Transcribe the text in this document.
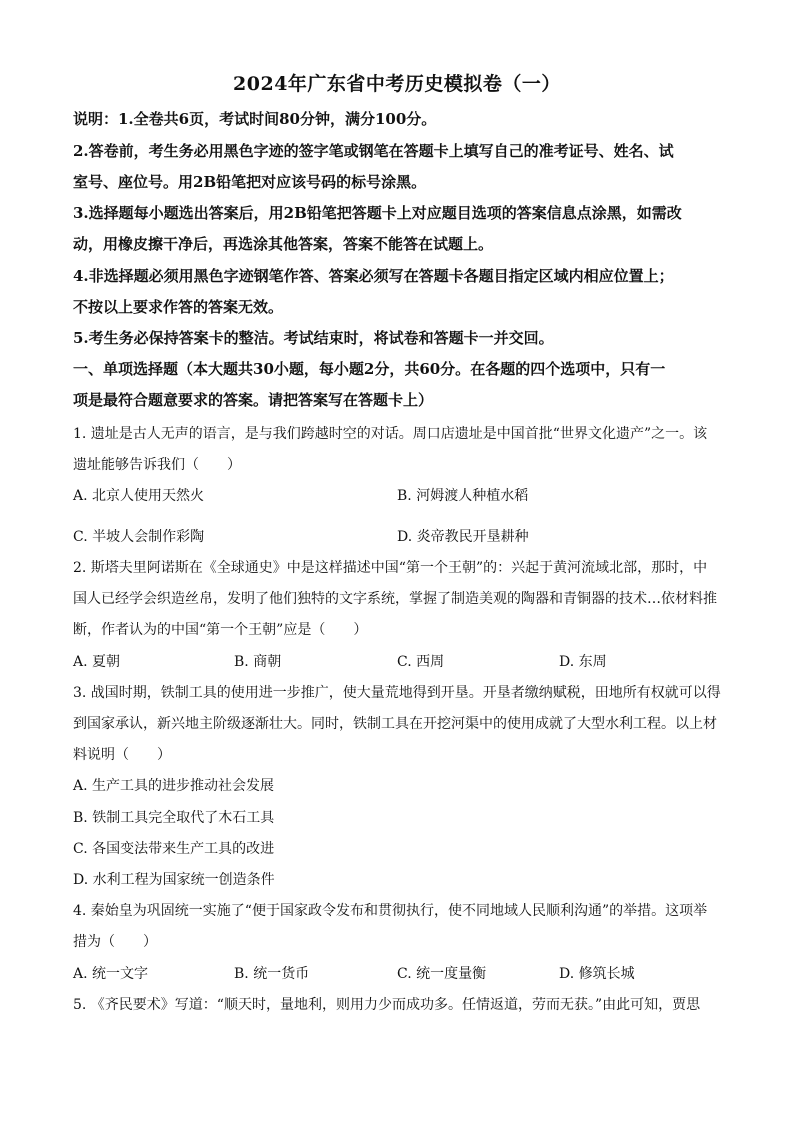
2024年广东省中考历史模拟卷（一）
说明：1.全卷共6页，考试时间80分钟，满分100分。
2.答卷前，考生务必用黑色字迹的签字笔或钢笔在答题卡上填写自己的准考证号、姓名、试
室号、座位号。用2B铅笔把对应该号码的标号涂黑。
3.选择题每小题选出答案后，用2B铅笔把答题卡上对应题目选项的答案信息点涂黑，如需改
动，用橡皮擦干净后，再选涂其他答案，答案不能答在试题上。
4.非选择题必须用黑色字迹钢笔作答、答案必须写在答题卡各题目指定区域内相应位置上；
不按以上要求作答的答案无效。
5.考生务必保持答案卡的整洁。考试结束时，将试卷和答题卡一并交回。
一、单项选择题（本大题共30小题，每小题2分，共60分。在各题的四个选项中，只有一
项是最符合题意要求的答案。请把答案写在答题卡上）
1. 遗址是古人无声的语言，是与我们跨越时空的对话。周口店遗址是中国首批“世界文化遗产”之一。该
遗址能够告诉我们（　　）
A. 北京人使用天然火	B. 河姆渡人种植水稻
C. 半坡人会制作彩陶	D. 炎帝教民开垦耕种
2. 斯塔夫里阿诺斯在《全球通史》中是这样描述中国“第一个王朝”的：兴起于黄河流域北部，那时，中
国人已经学会织造丝帛，发明了他们独特的文字系统，掌握了制造美观的陶器和青铜器的技术…依材料推
断，作者认为的中国“第一个王朝”应是（　　）
A. 夏朝	B. 商朝	C. 西周	D. 东周
3. 战国时期，铁制工具的使用进一步推广，使大量荒地得到开垦。开垦者缴纳赋税，田地所有权就可以得
到国家承认，新兴地主阶级逐渐壮大。同时，铁制工具在开挖河渠中的使用成就了大型水利工程。以上材
料说明（　　）
A. 生产工具的进步推动社会发展
B. 铁制工具完全取代了木石工具
C. 各国变法带来生产工具的改进
D. 水利工程为国家统一创造条件
4. 秦始皇为巩固统一实施了“便于国家政令发布和贯彻执行，使不同地域人民顺利沟通”的举措。这项举
措为（　　）
A. 统一文字	B. 统一货币	C. 统一度量衡	D. 修筑长城
5. 《齐民要术》写道：“顺天时，量地利，则用力少而成功多。任情返道，劳而无获。”由此可知，贾思
